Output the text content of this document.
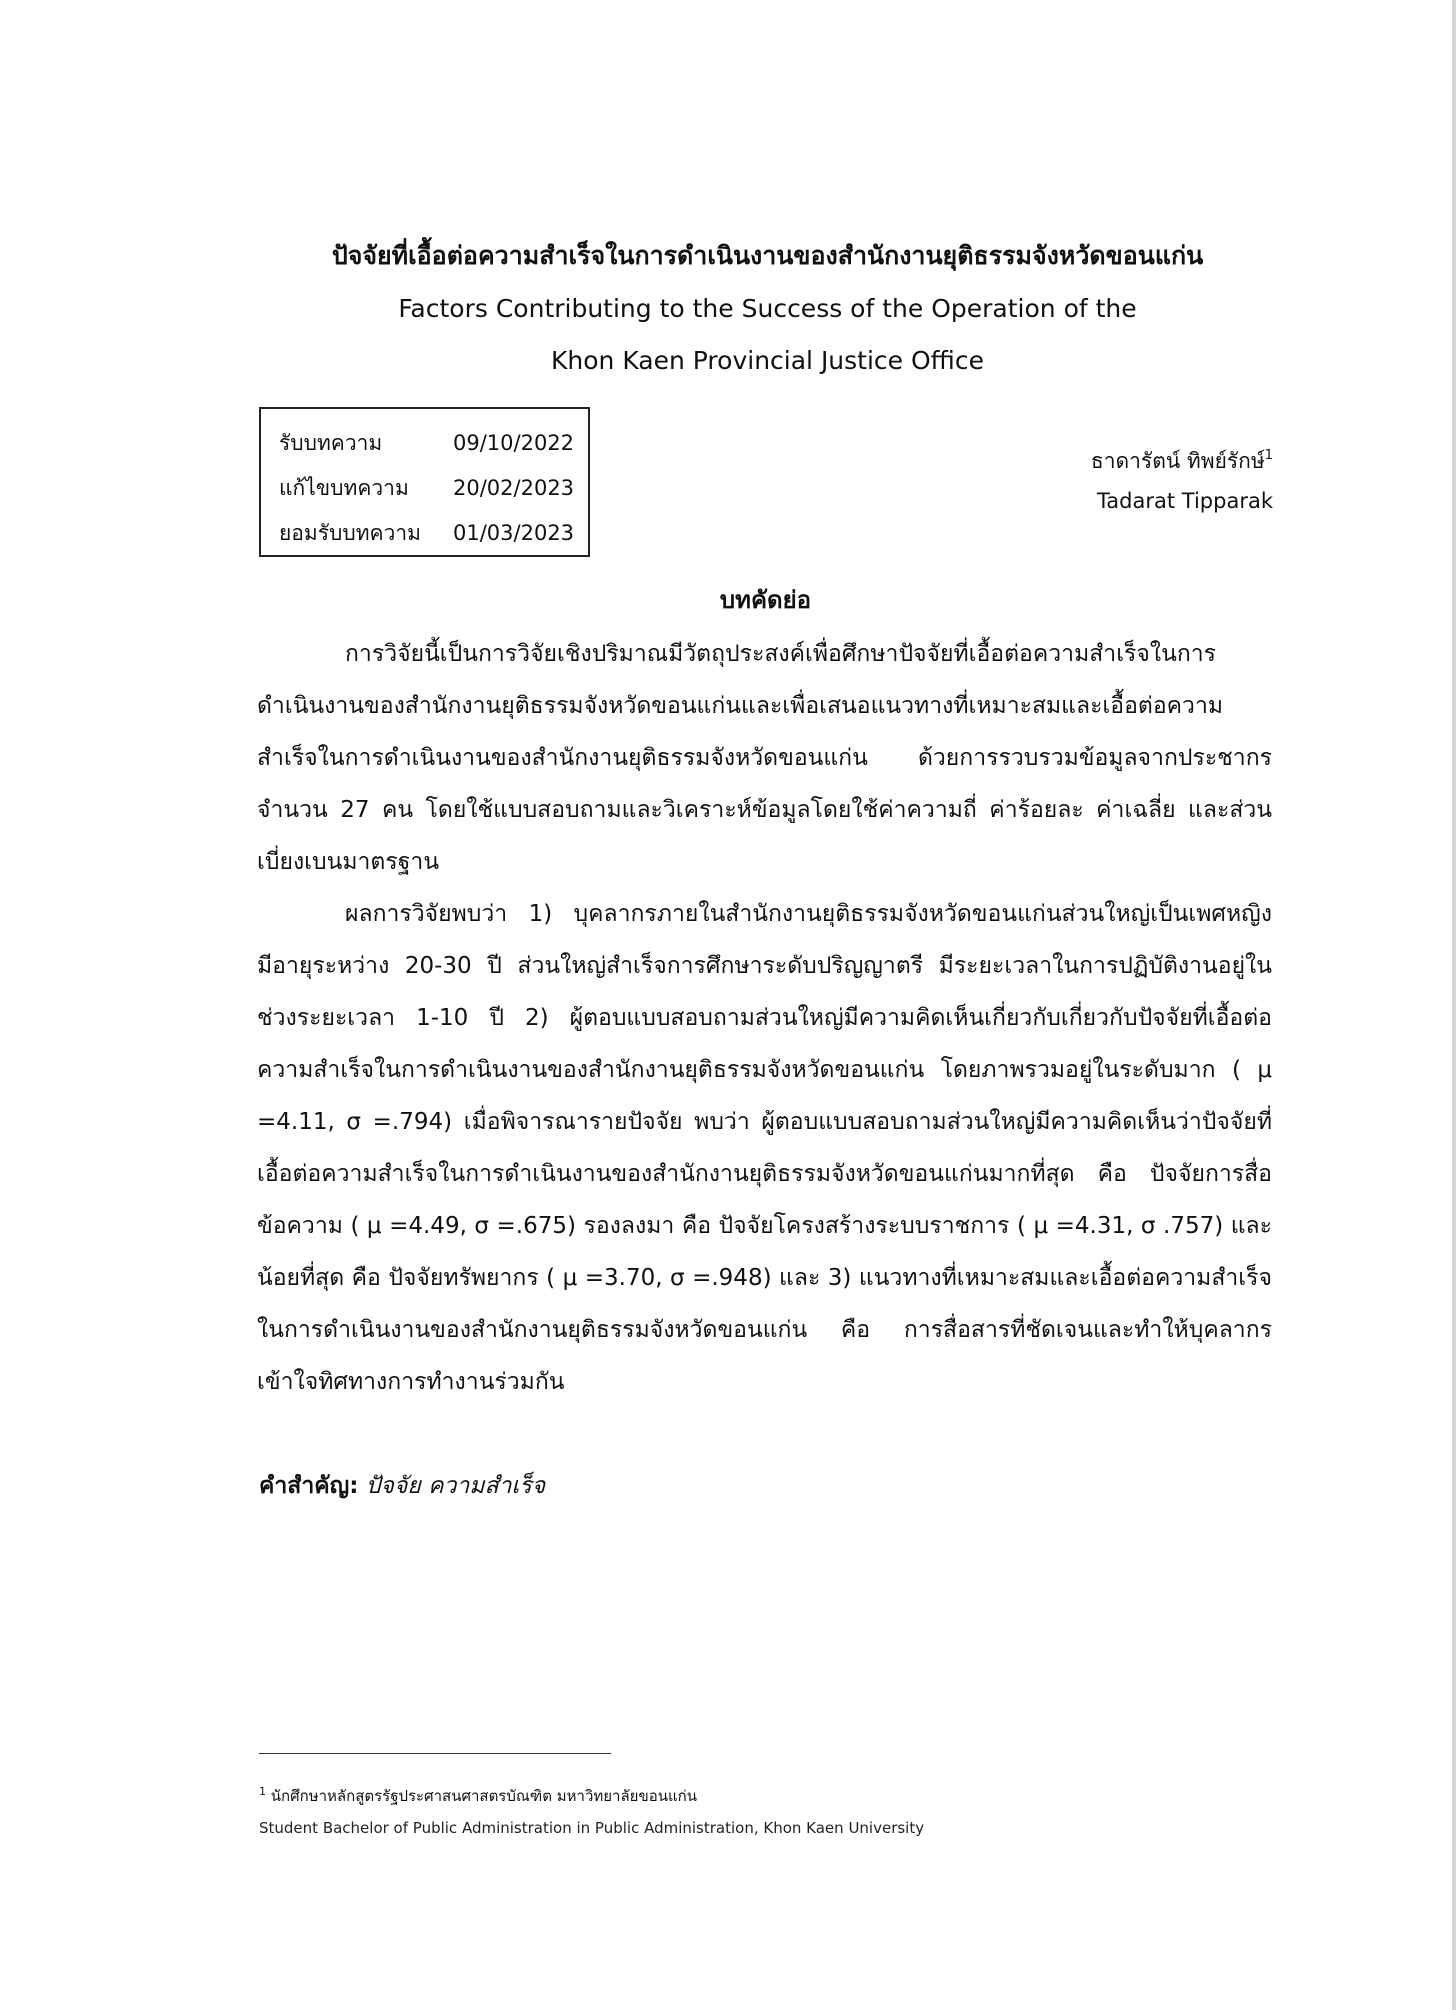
ปัจจัยที่เอื้อต่อความสำเร็จในการดำเนินงานของสำนักงานยุติธรรมจังหวัดขอนแก่น
Factors Contributing to the Success of the Operation of the
Khon Kaen Provincial Justice Office
รับบทความ	09/10/2022
แก้ไขบทความ 20/02/2023
ยอมรับบทความ 01/03/2023
ธาดารัตน์ ทิพย์รักษ์$^1$
Tadarat Tipparak
บทคัดย่อ

การวิจัยนี้เป็นการวิจัยเชิงปริมาณมีวัตถุประสงค์เพื่อศึกษาปัจจัยที่เอื้อต่อความสำเร็จในการดำเนินงานของสำนักงานยุติธรรมจังหวัดขอนแก่นและเพื่อเสนอแนวทางที่เหมาะสมและเอื้อต่อความสำเร็จในการดำเนินงานของสำนักงานยุติธรรมจังหวัดขอนแก่น ด้วยการรวบรวมข้อมูลจากประชากรจำนวน 27 คน โดยใช้แบบสอบถามและวิเคราะห์ข้อมูลโดยใช้ค่าความถี่ ค่าร้อยละ ค่าเฉลี่ย และส่วนเบี่ยงเบนมาตรฐาน

ผลการวิจัยพบว่า 1) บุคลากรภายในสำนักงานยุติธรรมจังหวัดขอนแก่นส่วนใหญ่เป็นเพศหญิง มีอายุระหว่าง 20-30 ปี ส่วนใหญ่สำเร็จการศึกษาระดับปริญญาตรี มีระยะเวลาในการปฏิบัติงานอยู่ในช่วงระยะเวลา 1-10 ปี 2) ผู้ตอบแบบสอบถามส่วนใหญ่มีความคิดเห็นเกี่ยวกับเกี่ยวกับปัจจัยที่เอื้อต่อความสำเร็จในการดำเนินงานของสำนักงานยุติธรรมจังหวัดขอนแก่น โดยภาพรวมอยู่ในระดับมาก ( μ =4.11, σ =.794) เมื่อพิจารณารายปัจจัย พบว่า ผู้ตอบแบบสอบถามส่วนใหญ่มีความคิดเห็นว่าปัจจัยที่เอื้อต่อความสำเร็จในการดำเนินงานของสำนักงานยุติธรรมจังหวัดขอนแก่นมากที่สุด คือ ปัจจัยการสื่อข้อความ ( μ =4.49, σ =.675) รองลงมา คือ ปัจจัยโครงสร้างระบบราชการ ( μ =4.31, σ .757) และน้อยที่สุด คือ ปัจจัยทรัพยากร ( μ =3.70, σ =.948) และ 3) แนวทางที่เหมาะสมและเอื้อต่อความสำเร็จในการดำเนินงานของสำนักงานยุติธรรมจังหวัดขอนแก่น คือ การสื่อสารที่ชัดเจนและทำให้บุคลากรเข้าใจทิศทางการทำงานร่วมกัน

คำสำคัญ: ปัจจัย ความสำเร็จ
$^1$ นักศึกษาหลักสูตรรัฐประศาสนศาสตรบัณฑิต มหาวิทยาลัยขอนแก่น
Student Bachelor of Public Administration in Public Administration, Khon Kaen University
